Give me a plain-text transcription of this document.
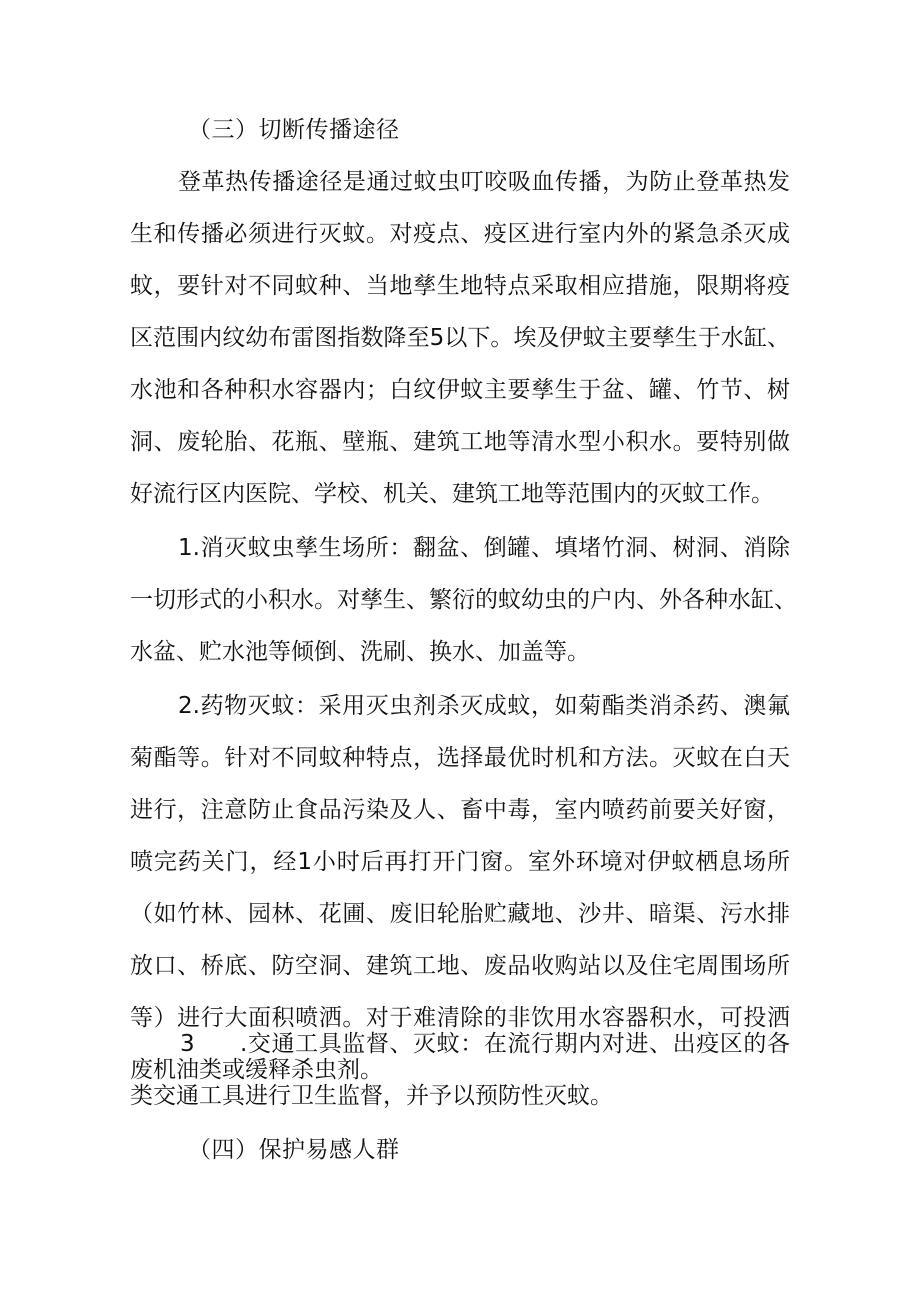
（三）切断传播途径
登革热传播途径是通过蚊虫叮咬吸血传播，为防止登革热发
生和传播必须进行灭蚊。对疫点、疫区进行室内外的紧急杀灭成
蚊，要针对不同蚊种、当地孳生地特点采取相应措施，限期将疫
区范围内纹幼布雷图指数降至5以下。埃及伊蚊主要孳生于水缸、
水池和各种积水容器内；白纹伊蚊主要孳生于盆、罐、竹节、树
洞、废轮胎、花瓶、壁瓶、建筑工地等清水型小积水。要特别做
好流行区内医院、学校、机关、建筑工地等范围内的灭蚊工作。
1.消灭蚊虫孳生场所：翻盆、倒罐、填堵竹洞、树洞、消除
一切形式的小积水。对孳生、繁衍的蚊幼虫的户内、外各种水缸、
水盆、贮水池等倾倒、洗刷、换水、加盖等。
2.药物灭蚊：采用灭虫剂杀灭成蚊，如菊酯类消杀药、澳氟
菊酯等。针对不同蚊种特点，选择最优时机和方法。灭蚊在白天
进行，注意防止食品污染及人、畜中毒，室内喷药前要关好窗，
喷完药关门，经1小时后再打开门窗。室外环境对伊蚊栖息场所
（如竹林、园林、花圃、废旧轮胎贮藏地、沙井、暗渠、污水排
放口、桥底、防空洞、建筑工地、废品收购站以及住宅周围场所
等）进行大面积喷洒。对于难清除的非饮用水容器积水，可投洒
废机油类或缓释杀虫剂。
3 .交通工具监督、灭蚊：在流行期内对进、出疫区的各
类交通工具进行卫生监督，并予以预防性灭蚊。
（四）保护易感人群
